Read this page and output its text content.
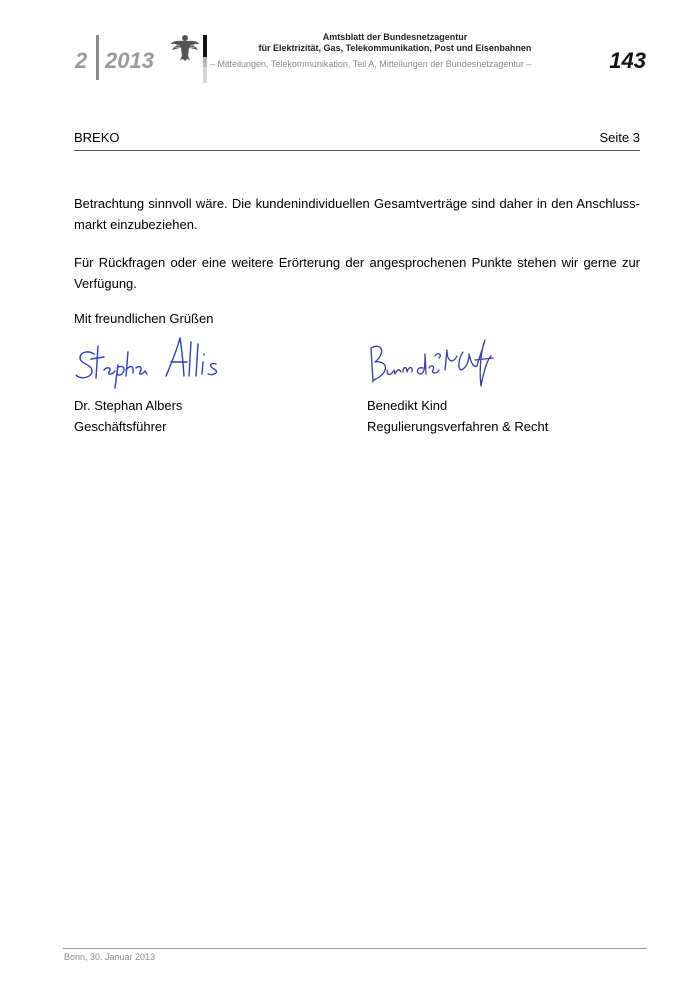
2 2013
Amtsblatt der Bundesnetzagentur
für Elektrizität, Gas, Telekommunikation, Post und Eisenbahnen
– Mitteilungen, Telekommunikation, Teil A, Mitteilungen der Bundesnetzagentur –	143
BREKO	Seite 3
Betrachtung sinnvoll wäre. Die kundenindividuellen Gesamtverträge sind daher in den Anschluss-markt einzubeziehen.
Für Rückfragen oder eine weitere Erörterung der angesprochenen Punkte stehen wir gerne zur Verfügung.
Mit freundlichen Grüßen
Dr. Stephan Albers
Geschäftsführer
Benedikt Kind
Regulierungsverfahren & Recht
Bonn, 30. Januar 2013
